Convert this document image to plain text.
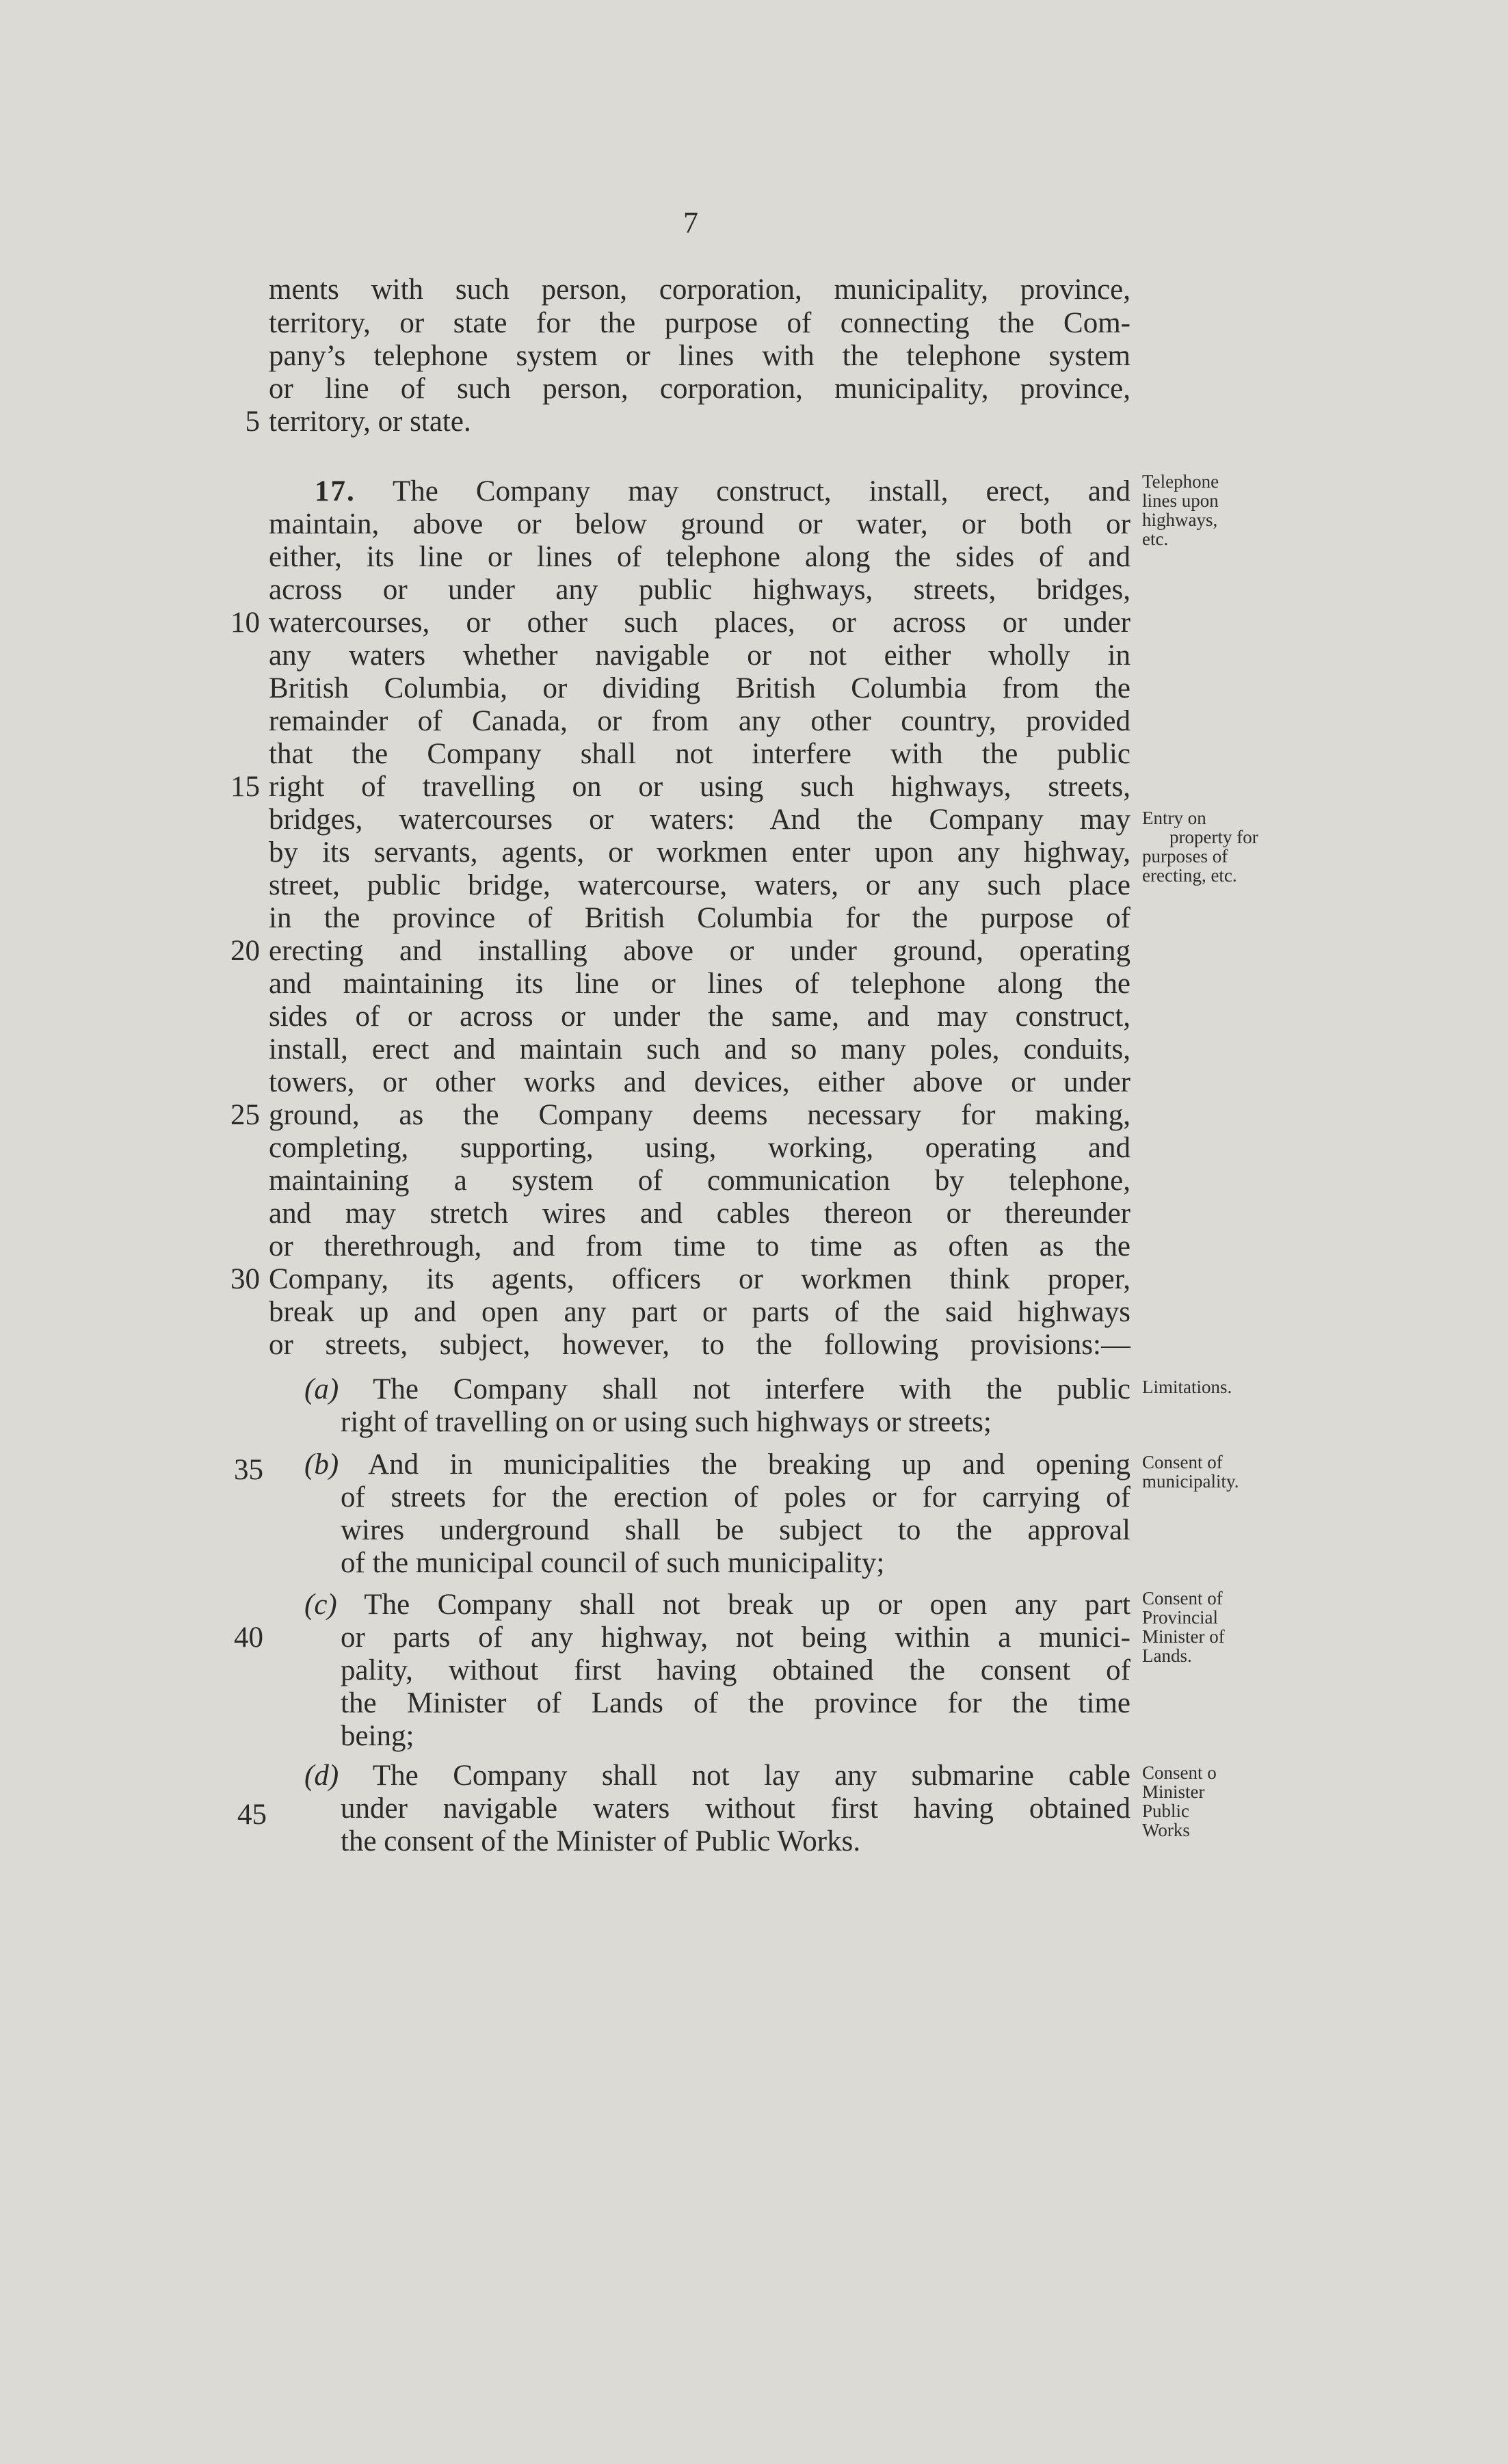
7
ments with such person, corporation, municipality, province,
territory, or state for the purpose of connecting the Com-
pany’s telephone system or lines with the telephone system
or line of such person, corporation, municipality, province,
territory, or state.
17. The Company may construct, install, erect, and
maintain, above or below ground or water, or both or
either, its line or lines of telephone along the sides of and
across or under any public highways, streets, bridges,
watercourses, or other such places, or across or under
any waters whether navigable or not either wholly in
British Columbia, or dividing British Columbia from the
remainder of Canada, or from any other country, provided
that the Company shall not interfere with the public
right of travelling on or using such highways, streets,
bridges, watercourses or waters: And the Company may
by its servants, agents, or workmen enter upon any highway,
street, public bridge, watercourse, waters, or any such place
in the province of British Columbia for the purpose of
erecting and installing above or under ground, operating
and maintaining its line or lines of telephone along the
sides of or across or under the same, and may construct,
install, erect and maintain such and so many poles, conduits,
towers, or other works and devices, either above or under
ground, as the Company deems necessary for making,
completing, supporting, using, working, operating and
maintaining a system of communication by telephone,
and may stretch wires and cables thereon or thereunder
or therethrough, and from time to time as often as the
Company, its agents, officers or workmen think proper,
break up and open any part or parts of the said highways
or streets, subject, however, to the following provisions:—
(a) The Company shall not interfere with the public
right of travelling on or using such highways or streets;
(b) And in municipalities the breaking up and opening
of streets for the erection of poles or for carrying of
wires underground shall be subject to the approval
of the municipal council of such municipality;
(c) The Company shall not break up or open any part
or parts of any highway, not being within a munici-
pality, without first having obtained the consent of
the Minister of Lands of the province for the time
being;
(d) The Company shall not lay any submarine cable
under navigable waters without first having obtained
the consent of the Minister of Public Works.
5
10
15
20
25
30
35
40
45
Telephone
lines upon
highways,
etc.
Entry on
property for
purposes of
erecting, etc.
Limitations.
Consent of
municipality.
Consent of
Provincial
Minister of
Lands.
Consent o
Minister
Public
Works
